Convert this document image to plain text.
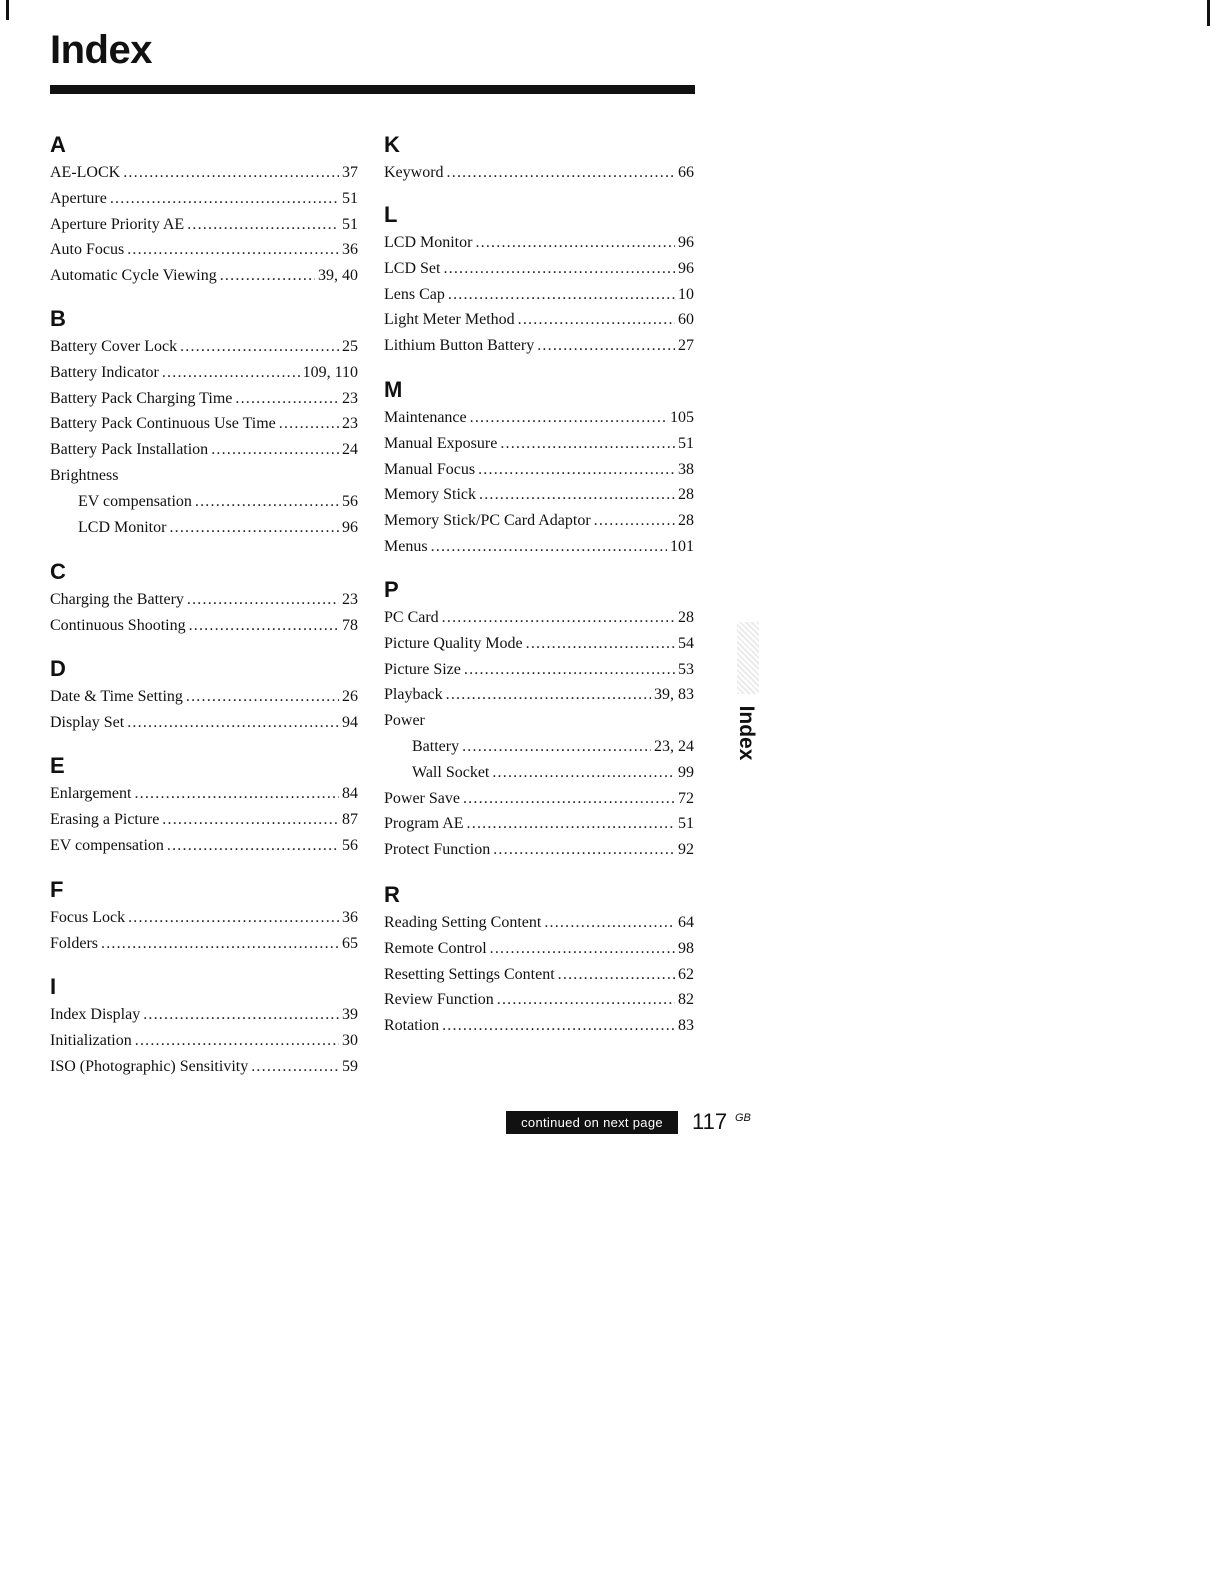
Index
A
AE-LOCK .....	37
Aperture .....	51
Aperture Priority AE .....	51
Auto Focus .....	36
Automatic Cycle Viewing .....	39, 40
B
Battery Cover Lock .....	25
Battery Indicator .....	109, 110
Battery Pack Charging Time .....	23
Battery Pack Continuous Use Time .....	23
Battery Pack Installation .....	24
Brightness
EV compensation .....	56
LCD Monitor .....	96
C
Charging the Battery .....	23
Continuous Shooting .....	78
D
Date & Time Setting .....	26
Display Set .....	94
E
Enlargement .....	84
Erasing a Picture .....	87
EV compensation .....	56
F
Focus Lock .....	36
Folders .....	65
I
Index Display .....	39
Initialization .....	30
ISO (Photographic) Sensitivity .....	59
K
Keyword .....	66
L
LCD Monitor .....	96
LCD Set .....	96
Lens Cap .....	10
Light Meter Method .....	60
Lithium Button Battery .....	27
M
Maintenance .....	105
Manual Exposure .....	51
Manual Focus .....	38
Memory Stick .....	28
Memory Stick/PC Card Adaptor .....	28
Menus .....	101
P
PC Card .....	28
Picture Quality Mode .....	54
Picture Size .....	53
Playback .....	39, 83
Power
Battery .....	23, 24
Wall Socket .....	99
Power Save .....	72
Program AE .....	51
Protect Function .....	92
R
Reading Setting Content .....	64
Remote Control .....	98
Resetting Settings Content .....	62
Review Function .....	82
Rotation .....	83
Index
continued on next page	117 GB
